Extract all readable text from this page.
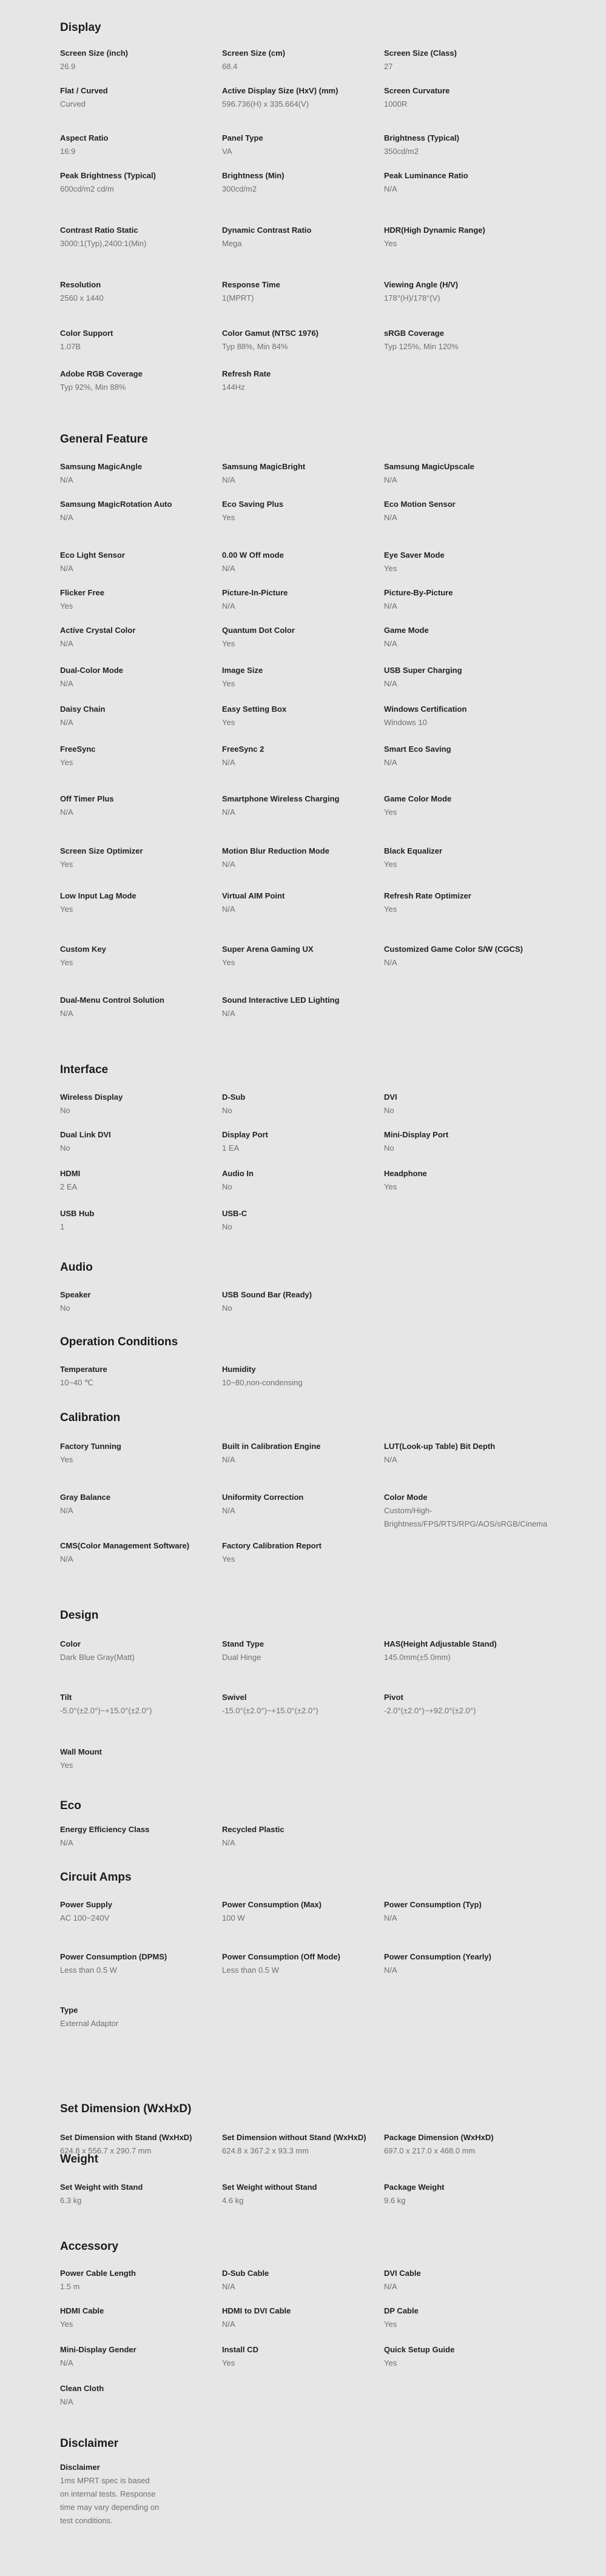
Display
Screen Size (inch)
26.9
Screen Size (cm)
68.4
Screen Size (Class)
27
Flat / Curved
Curved
Active Display Size (HxV) (mm)
596.736(H) x 335.664(V)
Screen Curvature
1000R
Aspect Ratio
16:9
Panel Type
VA
Brightness (Typical)
350cd/m2
Peak Brightness (Typical)
600cd/m2 cd/m
Brightness (Min)
300cd/m2
Peak Luminance Ratio
N/A
Contrast Ratio Static
3000:1(Typ),2400:1(Min)
Dynamic Contrast Ratio
Mega
HDR(High Dynamic Range)
Yes
Resolution
2560 x 1440
Response Time
1(MPRT)
Viewing Angle (H/V)
178°(H)/178°(V)
Color Support
1.07B
Color Gamut (NTSC 1976)
Typ 88%, Min 84%
sRGB Coverage
Typ 125%, Min 120%
Adobe RGB Coverage
Typ 92%, Min 88%
Refresh Rate
144Hz
General Feature
Samsung MagicAngle
N/A
Samsung MagicBright
N/A
Samsung MagicUpscale
N/A
Samsung MagicRotation Auto
N/A
Eco Saving Plus
Yes
Eco Motion Sensor
N/A
Eco Light Sensor
N/A
0.00 W Off mode
N/A
Eye Saver Mode
Yes
Flicker Free
Yes
Picture-In-Picture
N/A
Picture-By-Picture
N/A
Active Crystal Color
N/A
Quantum Dot Color
Yes
Game Mode
N/A
Dual-Color Mode
N/A
Image Size
Yes
USB Super Charging
N/A
Daisy Chain
N/A
Easy Setting Box
Yes
Windows Certification
Windows 10
FreeSync
Yes
FreeSync 2
N/A
Smart Eco Saving
N/A
Off Timer Plus
N/A
Smartphone Wireless Charging
N/A
Game Color Mode
Yes
Screen Size Optimizer
Yes
Motion Blur Reduction Mode
N/A
Black Equalizer
Yes
Low Input Lag Mode
Yes
Virtual AIM Point
N/A
Refresh Rate Optimizer
Yes
Custom Key
Yes
Super Arena Gaming UX
Yes
Customized Game Color S/W (CGCS)
N/A
Dual-Menu Control Solution
N/A
Sound Interactive LED Lighting
N/A
Interface
Wireless Display
No
D-Sub
No
DVI
No
Dual Link DVI
No
Display Port
1 EA
Mini-Display Port
No
HDMI
2 EA
Audio In
No
Headphone
Yes
USB Hub
1
USB-C
No
Audio
Speaker
No
USB Sound Bar (Ready)
No
Operation Conditions
Temperature
10~40 ℃
Humidity
10~80,non-condensing
Calibration
Factory Tunning
Yes
Built in Calibration Engine
N/A
LUT(Look-up Table) Bit Depth
N/A
Gray Balance
N/A
Uniformity Correction
N/A
Color Mode
Custom/High-Brightness/FPS/RTS/RPG/AOS/sRGB/Cinema
CMS(Color Management Software)
N/A
Factory Calibration Report
Yes
Design
Color
Dark Blue Gray(Matt)
Stand Type
Dual Hinge
HAS(Height Adjustable Stand)
145.0mm(±5.0mm)
Tilt
-5.0°(±2.0°)~+15.0°(±2.0°)
Swivel
-15.0°(±2.0°)~+15.0°(±2.0°)
Pivot
-2.0°(±2.0°)~+92.0°(±2.0°)
Wall Mount
Yes
Eco
Energy Efficiency Class
N/A
Recycled Plastic
N/A
Circuit Amps
Power Supply
AC 100~240V
Power Consumption (Max)
100 W
Power Consumption (Typ)
N/A
Power Consumption (DPMS)
Less than 0.5 W
Power Consumption (Off Mode)
Less than 0.5 W
Power Consumption (Yearly)
N/A
Type
External Adaptor
Set Dimension (WxHxD)
Set Dimension with Stand (WxHxD)
624.8 x 556.7 x 290.7 mm
Set Dimension without Stand (WxHxD)
624.8 x 367.2 x 93.3 mm
Package Dimension (WxHxD)
697.0 x 217.0 x 468.0 mm
Weight
Set Weight with Stand
6.3 kg
Set Weight without Stand
4.6 kg
Package Weight
9.6 kg
Accessory
Power Cable Length
1.5 m
D-Sub Cable
N/A
DVI Cable
N/A
HDMI Cable
Yes
HDMI to DVI Cable
N/A
DP Cable
Yes
Mini-Display Gender
N/A
Install CD
Yes
Quick Setup Guide
Yes
Clean Cloth
N/A
Disclaimer
Disclaimer
1ms MPRT spec is based on internal tests. Response time may vary depending on test conditions.
